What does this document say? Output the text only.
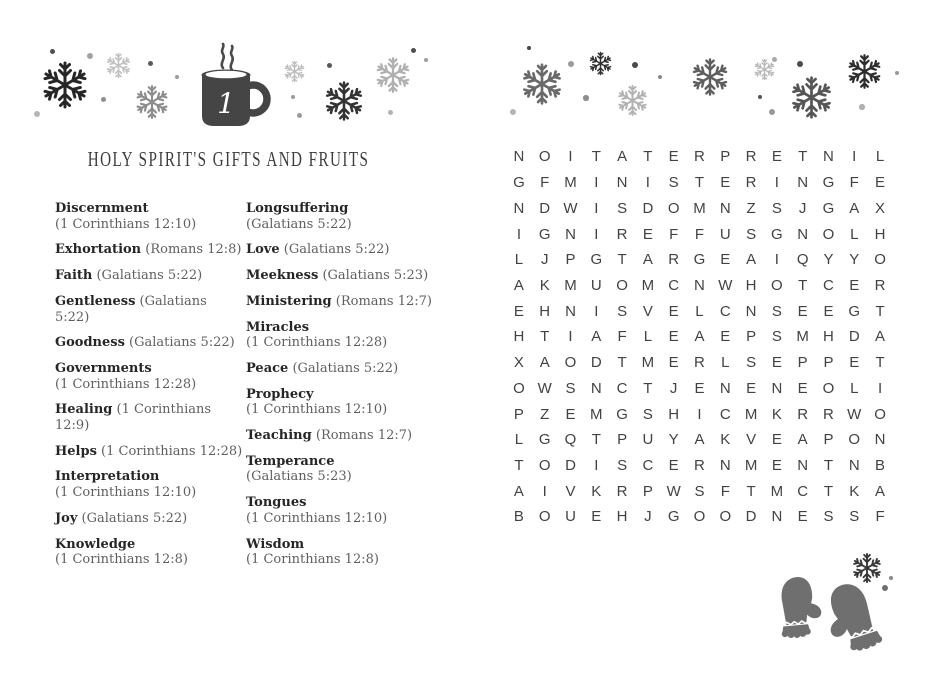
1
HOLY SPIRIT'S GIFTS AND FRUITS
Discernment
(1 Corinthians 12:10)
Exhortation (Romans 12:8)
Faith (Galatians 5:22)
Gentleness (Galatians 5:22)
Goodness (Galatians 5:22)
Governments
(1 Corinthians 12:28)
Healing (1 Corinthians 12:9)
Helps (1 Corinthians 12:28)
Interpretation
(1 Corinthians 12:10)
Joy (Galatians 5:22)
Knowledge
(1 Corinthians 12:8)
Longsuffering
(Galatians 5:22)
Love (Galatians 5:22)
Meekness (Galatians 5:23)
Ministering (Romans 12:7)
Miracles
(1 Corinthians 12:28)
Peace (Galatians 5:22)
Prophecy
(1 Corinthians 12:10)
Teaching (Romans 12:7)
Temperance
(Galatians 5:23)
Tongues
(1 Corinthians 12:10)
Wisdom
(1 Corinthians 12:8)
N O	I	T	A	T	E	R	P	R	E	T	N	I	L
G	F M	I	N	I	S	T	E	R	I	N G	F	E
N D W	I	S	D O M N	Z	S	J	G A	X
I	G N	I	R	E	F	F	U	S G N O	L	H
L	J	P G	T	A	R G E	A	I	Q Y	Y O
A	K M U O M C N W H O	T	C	E	R
E	H N	I	S	V	E	L	C N	S	E	E G	T
H	T	I	A	F	L	E	A	E	P	S M H D	A
X	A O D	T M E	R	L	S	E	P	P	E	T
O W S	N C	T	J	E	N	E	N	E O	L	I
P	Z	E M G S	H	I	C M K	R R W O
L	G Q	T	P	U	Y	A	K	V	E	A	P O N
T	O D	I	S	C	E	R N M E	N	T	N	B
A	I	V	K	R	P W S	F	T M C	T	K	A
B O U	E	H	J	G O O D N	E	S	S	F
